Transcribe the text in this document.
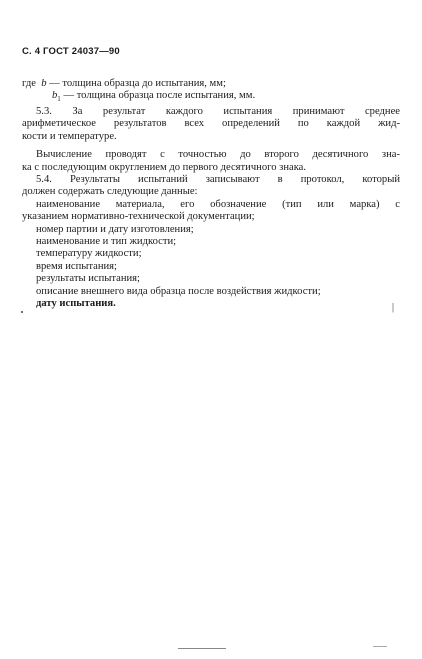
С. 4 ГОСТ 24037—90
где b — толщина образца до испытания, мм;
$b_1$ — толщина образца после испытания, мм.
5.3. За результат каждого испытания принимают среднее
арифметическое результатов всех определений по каждой жид-
кости и температуре.
Вычисление проводят с точностью до второго десятичного зна-
ка с последующим округлением до первого десятичного знака.
5.4. Результаты испытаний записывают в протокол, который
должен содержать следующие данные:
наименование материала, его обозначение (тип или марка) с
указанием нормативно-технической документации;
номер партии и дату изготовления;
наименование и тип жидкости;
температуру жидкости;
время испытания;
результаты испытания;
описание внешнего вида образца после воздействия жидкости;
дату испытания.	|
